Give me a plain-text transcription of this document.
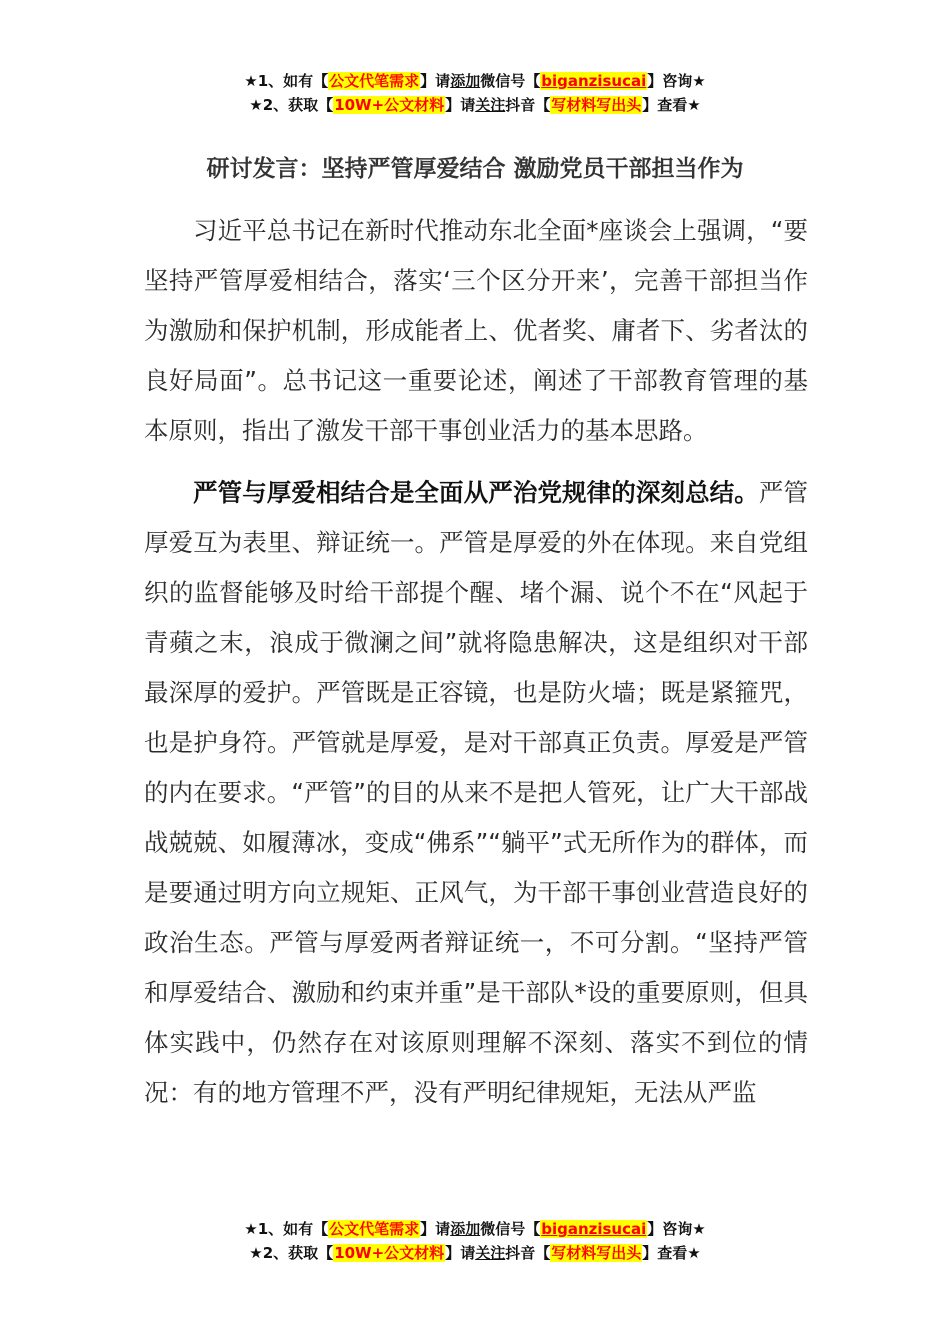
★1、如有【公文代笔需求】请添加微信号【biganzisucai】咨询★
★2、获取【10W+公文材料】请关注抖音【写材料写出头】查看★
研讨发言：坚持严管厚爱结合 激励党员干部担当作为

习近平总书记在新时代推动东北全面*座谈会上强调，“要坚持严管厚爱相结合，落实‘三个区分开来’，完善干部担当作为激励和保护机制，形成能者上、优者奖、庸者下、劣者汰的良好局面”。总书记这一重要论述，阐述了干部教育管理的基本原则，指出了激发干部干事创业活力的基本思路。

严管与厚爱相结合是全面从严治党规律的深刻总结。严管厚爱互为表里、辩证统一。严管是厚爱的外在体现。来自党组织的监督能够及时给干部提个醒、堵个漏、说个不在“风起于青蘋之末，浪成于微澜之间”就将隐患解决，这是组织对干部最深厚的爱护。严管既是正容镜，也是防火墙；既是紧箍咒，也是护身符。严管就是厚爱，是对干部真正负责。厚爱是严管的内在要求。“严管”的目的从来不是把人管死，让广大干部战战兢兢、如履薄冰，变成“佛系”“躺平”式无所作为的群体，而是要通过明方向立规矩、正风气，为干部干事创业营造良好的政治生态。严管与厚爱两者辩证统一，不可分割。“坚持严管和厚爱结合、激励和约束并重”是干部队*设的重要原则，但具体实践中，仍然存在对该原则理解不深刻、落实不到位的情况：有的地方管理不严，没有严明纪律规矩，无法从严监

★1、如有【公文代笔需求】请添加微信号【biganzisucai】咨询★
★2、获取【10W+公文材料】请关注抖音【写材料写出头】查看★
